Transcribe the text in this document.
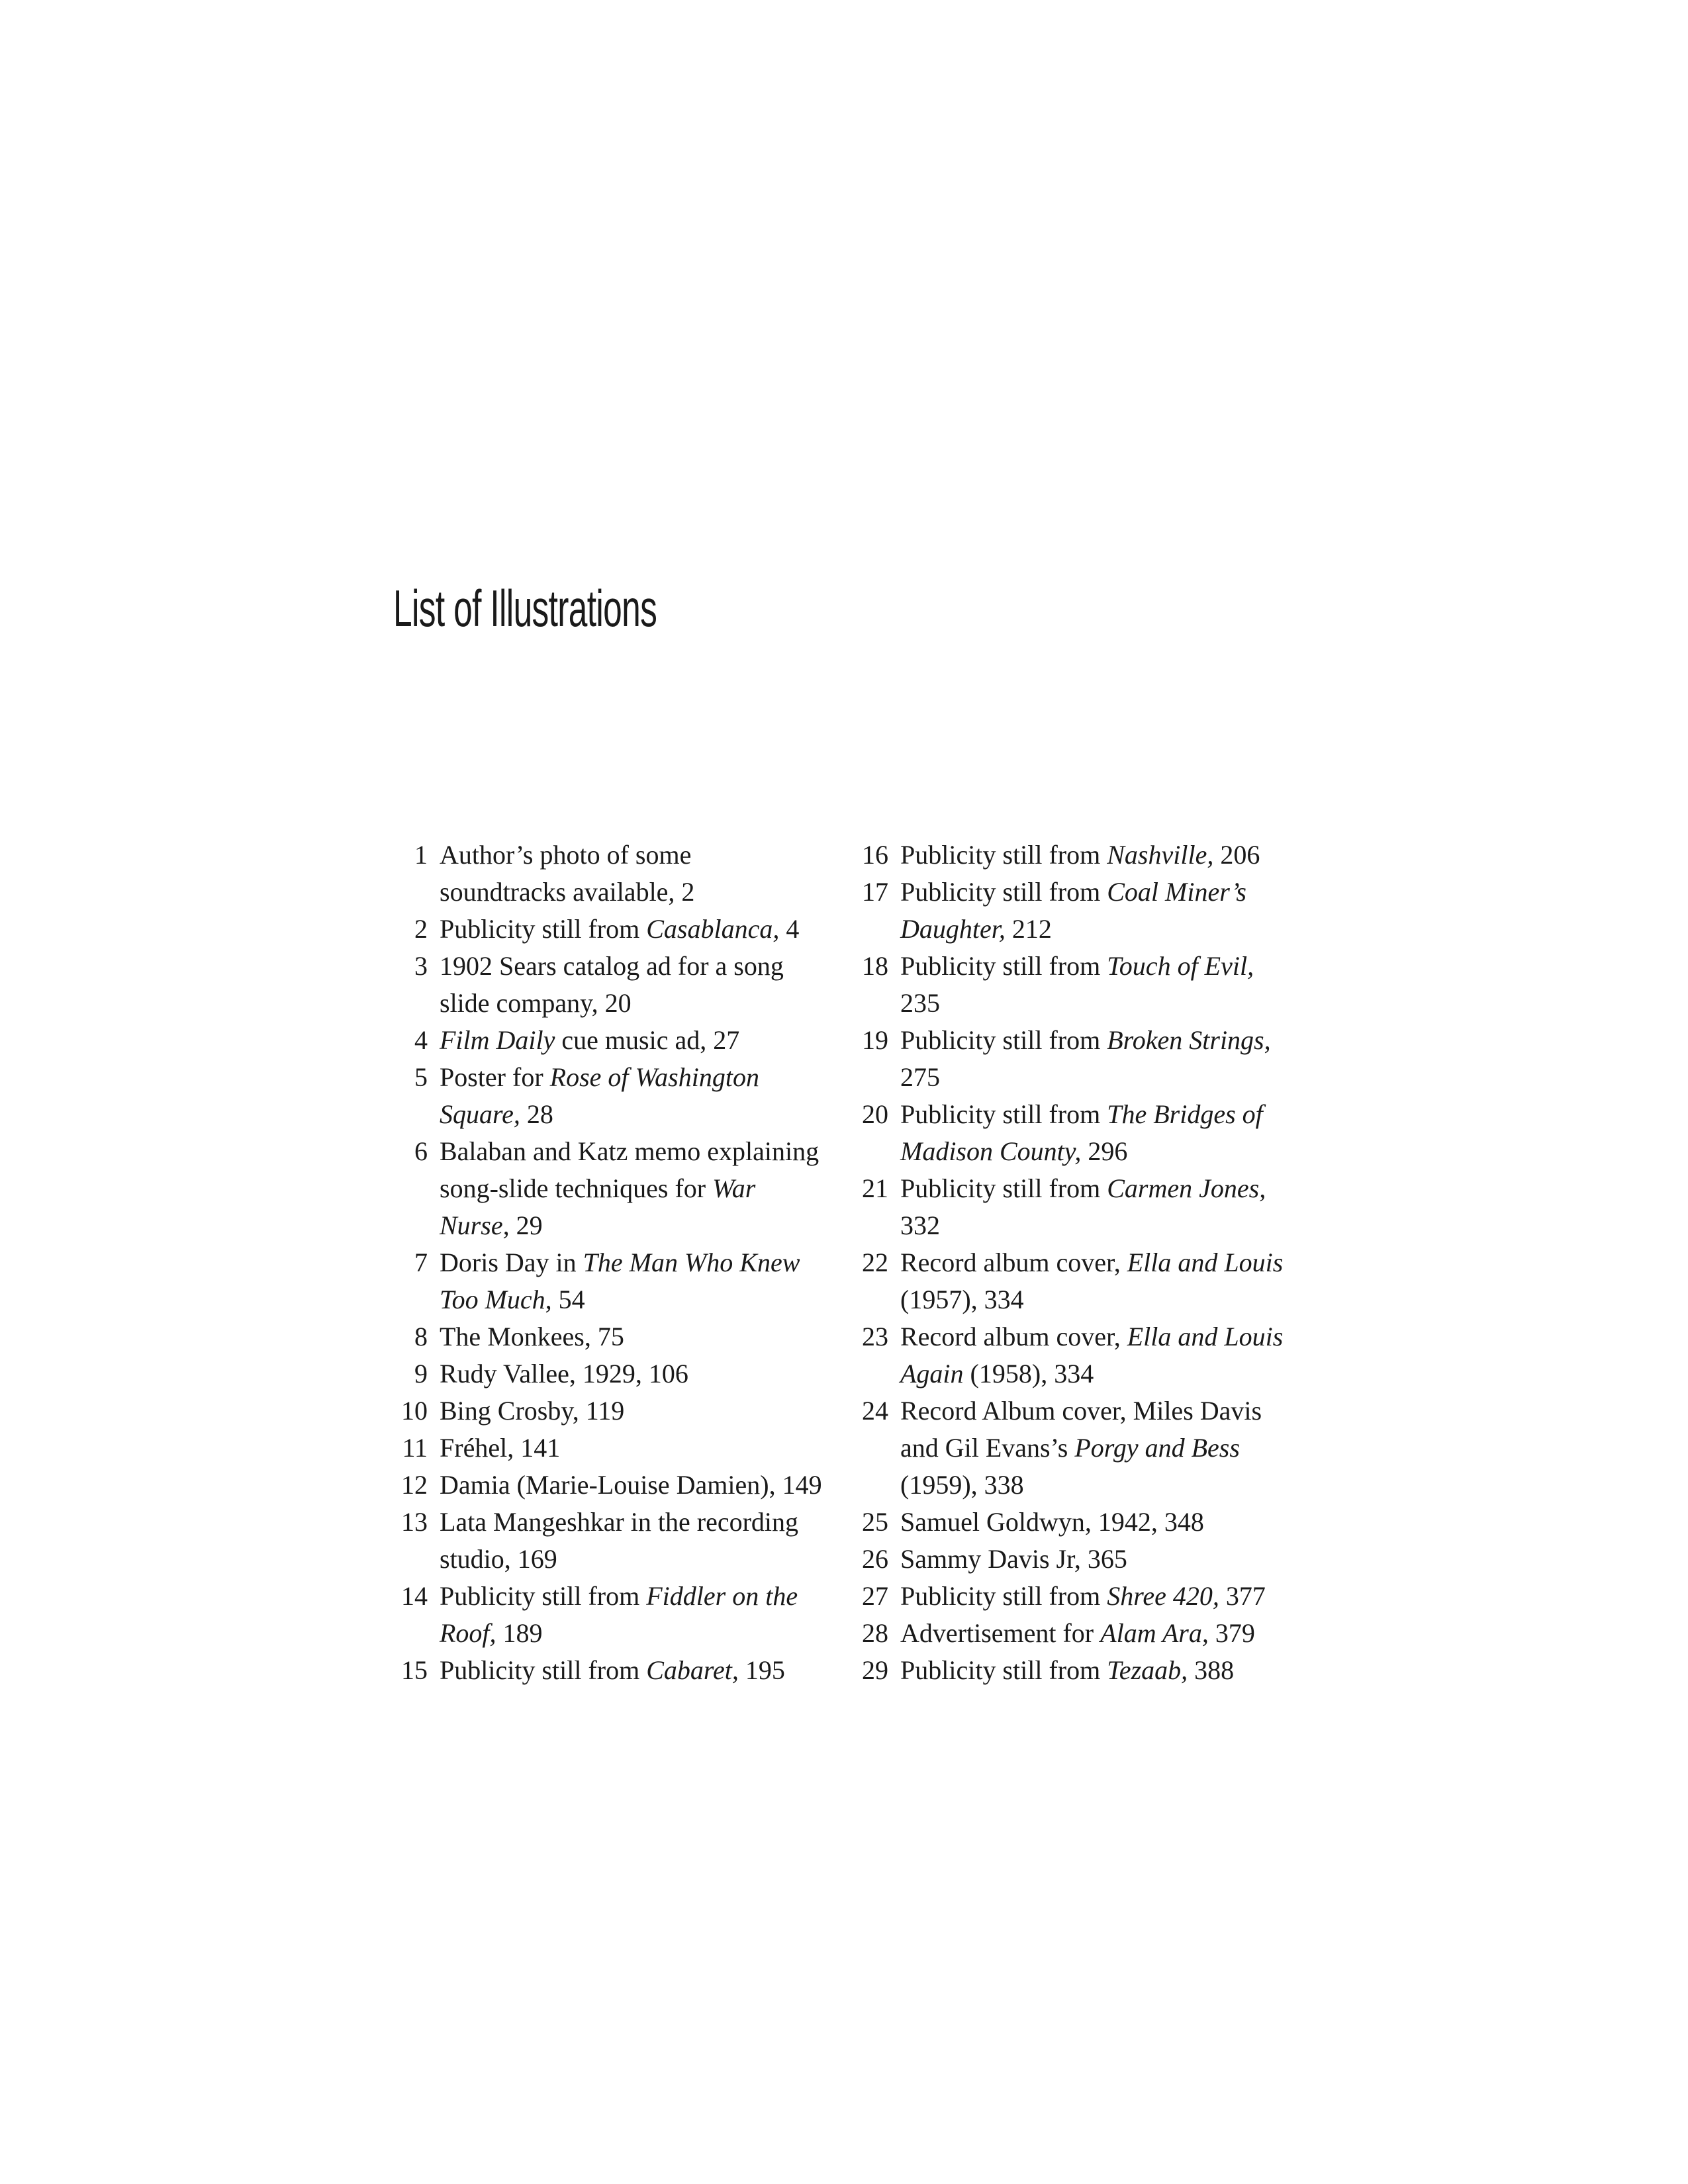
List of Illustrations
1 Author’s photo of some soundtracks available, 2
2 Publicity still from Casablanca, 4
3 1902 Sears catalog ad for a song slide company, 20
4 Film Daily cue music ad, 27
5 Poster for Rose of Washington Square, 28
6 Balaban and Katz memo explaining song-slide techniques for War Nurse, 29
7 Doris Day in The Man Who Knew Too Much, 54
8 The Monkees, 75
9 Rudy Vallee, 1929, 106
10 Bing Crosby, 119
11 Fréhel, 141
12 Damia (Marie-Louise Damien), 149
13 Lata Mangeshkar in the recording studio, 169
14 Publicity still from Fiddler on the Roof, 189
15 Publicity still from Cabaret, 195
16 Publicity still from Nashville, 206
17 Publicity still from Coal Miner’s Daughter, 212
18 Publicity still from Touch of Evil, 235
19 Publicity still from Broken Strings, 275
20 Publicity still from The Bridges of Madison County, 296
21 Publicity still from Carmen Jones, 332
22 Record album cover, Ella and Louis (1957), 334
23 Record album cover, Ella and Louis Again (1958), 334
24 Record Album cover, Miles Davis and Gil Evans’s Porgy and Bess (1959), 338
25 Samuel Goldwyn, 1942, 348
26 Sammy Davis Jr, 365
27 Publicity still from Shree 420, 377
28 Advertisement for Alam Ara, 379
29 Publicity still from Tezaab, 388
